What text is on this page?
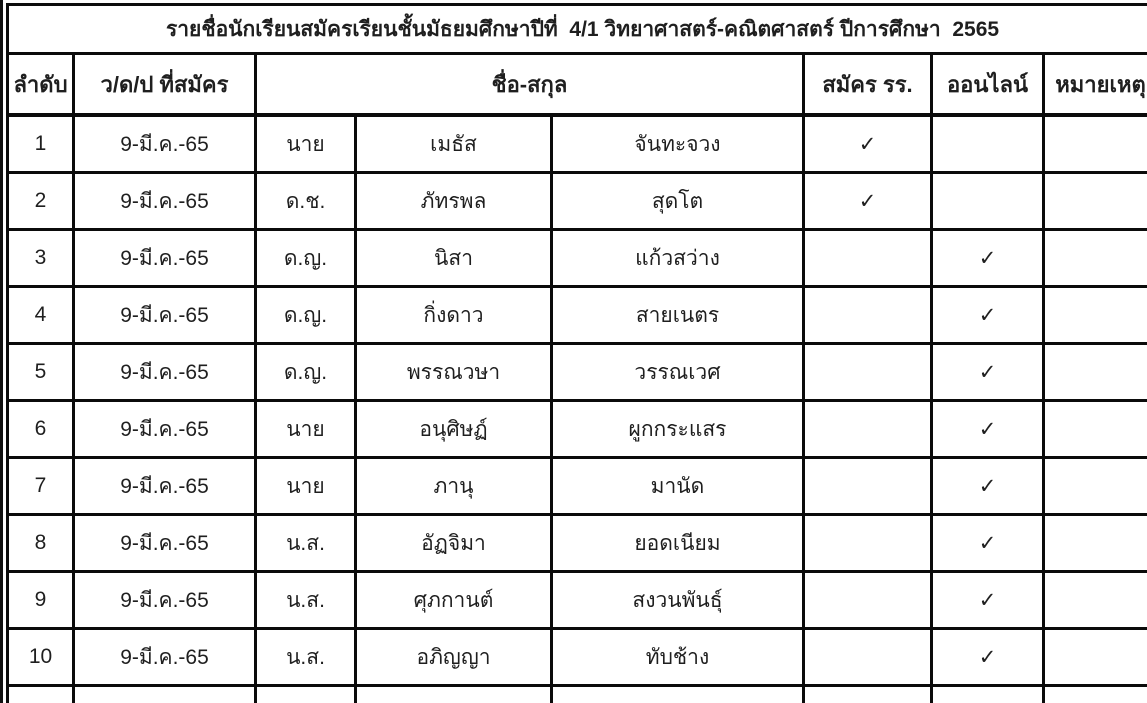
รายชื่อนักเรียนสมัครเรียนชั้นมัธยมศึกษาปีที่  4/1 วิทยาศาสตร์-คณิตศาสตร์ ปีการศึกษา  2565							
ลำดับ	ว/ด/ป ที่สมัคร	ชื่อ-สกุล			สมัคร รร.	ออนไลน์	หมายเหตุ
1	9-มี.ค.-65	นาย	เมธัส	จันทะจวง	✓		
2	9-มี.ค.-65	ด.ช.	ภัทรพล	สุดโต	✓		
3	9-มี.ค.-65	ด.ญ.	นิสา	แก้วสว่าง		✓	
4	9-มี.ค.-65	ด.ญ.	กิ่งดาว	สายเนตร		✓	
5	9-มี.ค.-65	ด.ญ.	พรรณวษา	วรรณเวศ		✓	
6	9-มี.ค.-65	นาย	อนุศิษฏ์	ผูกกระแสร		✓	
7	9-มี.ค.-65	นาย	ภานุ	มานัด		✓	
8	9-มี.ค.-65	น.ส.	อัฏจิมา	ยอดเนียม		✓	
9	9-มี.ค.-65	น.ส.	ศุภกานต์	สงวนพันธุ์		✓	
10	9-มี.ค.-65	น.ส.	อภิญญา	ทับช้าง		✓	
